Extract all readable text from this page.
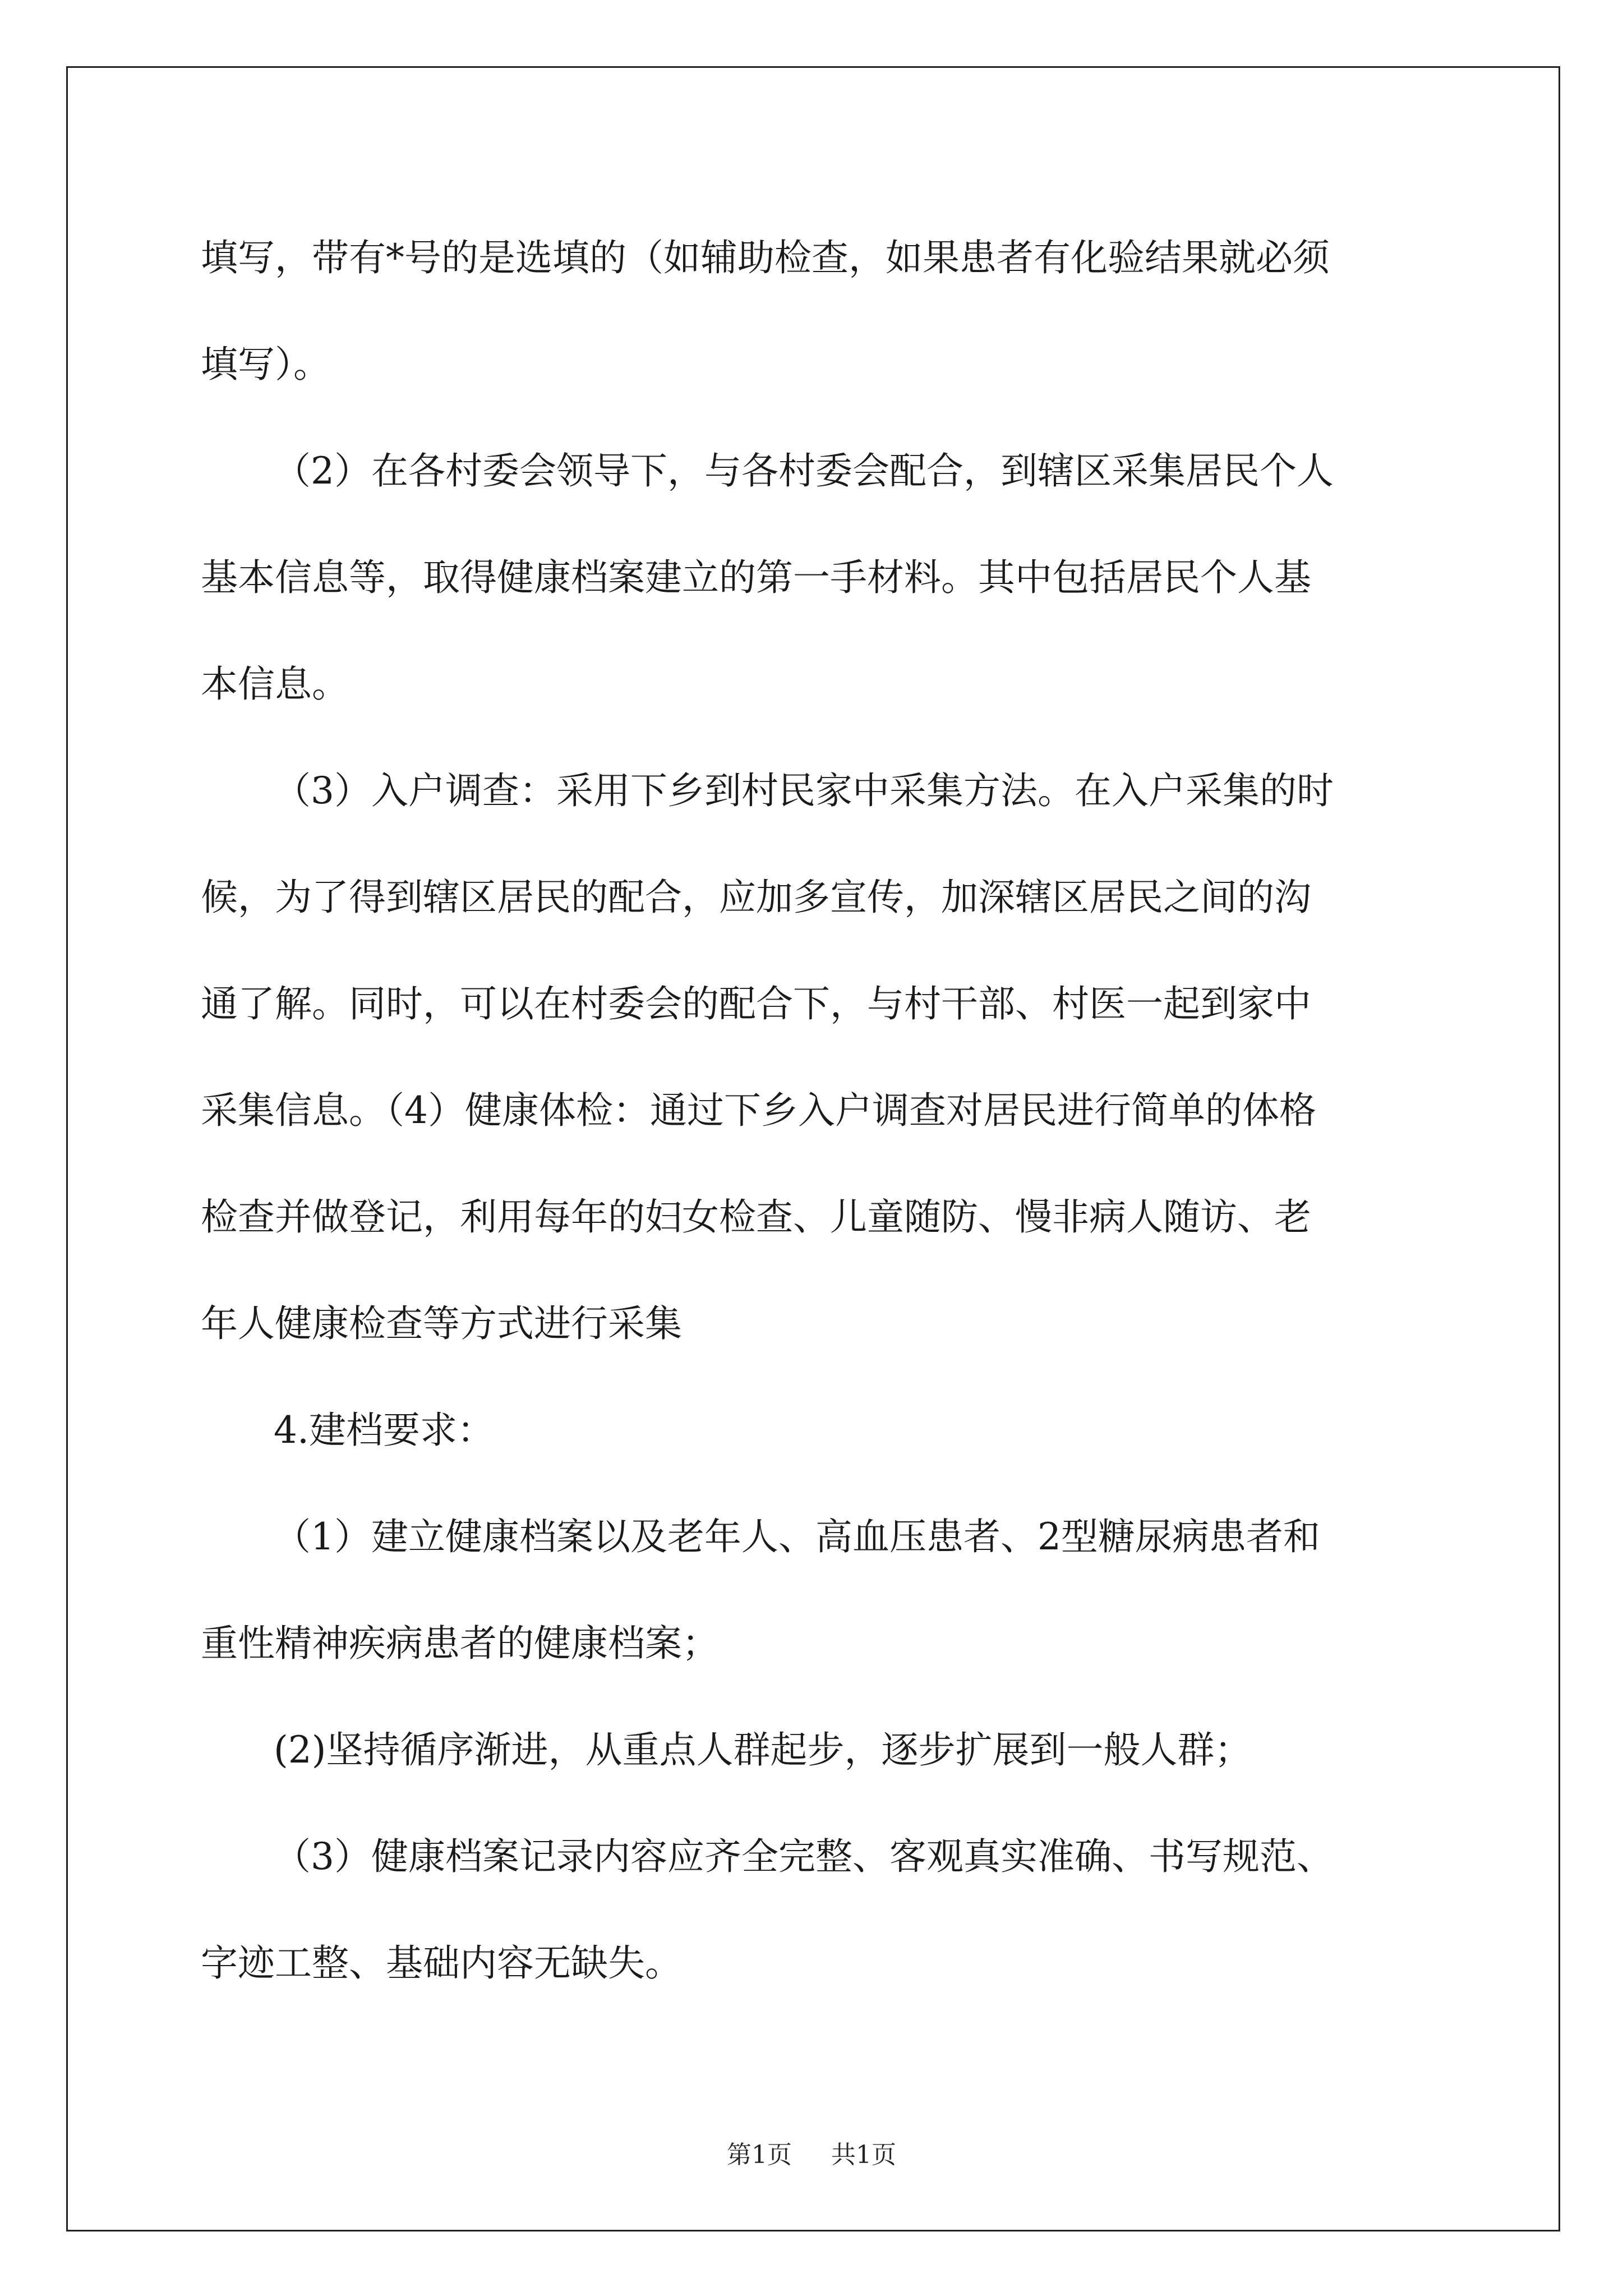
填写，带有*号的是选填的（如辅助检查，如果患者有化验结果就必须
填写）。
（2）在各村委会领导下，与各村委会配合，到辖区采集居民个人
基本信息等，取得健康档案建立的第一手材料。其中包括居民个人基
本信息。
（3）入户调查：采用下乡到村民家中采集方法。在入户采集的时
候，为了得到辖区居民的配合，应加多宣传，加深辖区居民之间的沟
通了解。同时，可以在村委会的配合下，与村干部、村医一起到家中
采集信息。（4）健康体检：通过下乡入户调查对居民进行简单的体格
检查并做登记，利用每年的妇女检查、儿童随防、慢非病人随访、老
年人健康检查等方式进行采集
4.建档要求：
（1）建立健康档案以及老年人、高血压患者、2型糖尿病患者和
重性精神疾病患者的健康档案；
(2)坚持循序渐进，从重点人群起步，逐步扩展到一般人群；
（3）健康档案记录内容应齐全完整、客观真实准确、书写规范、
字迹工整、基础内容无缺失。
第1页 共1页
